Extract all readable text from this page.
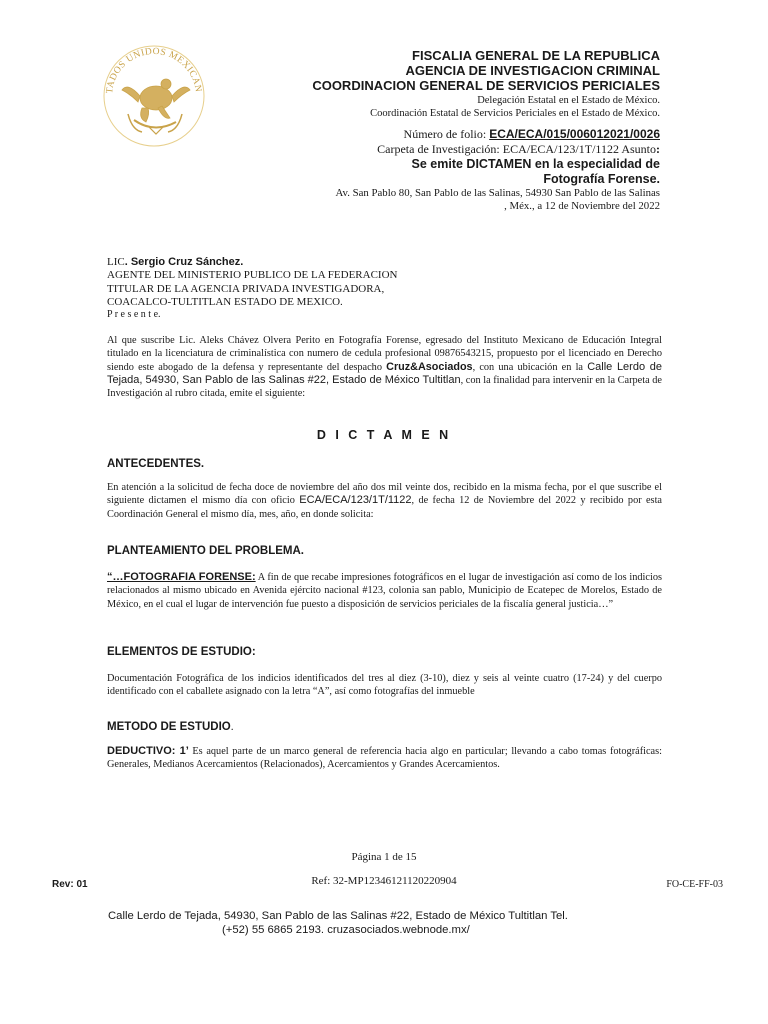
TADOS UNIDOS MEXICAN
FISCALIA GENERAL DE LA REPUBLICA
AGENCIA DE INVESTIGACION CRIMINAL
COORDINACION GENERAL DE SERVICIOS PERICIALES
Delegación Estatal en el Estado de México.
Coordinación Estatal de Servicios Periciales en el Estado de México.
Número de folio: ECA/ECA/015/006012021/0026
Carpeta de Investigación: ECA/ECA/123/1T/1122 Asunto:
Se emite DICTAMEN en la especialidad de
Fotografía Forense.
Av. San Pablo 80, San Pablo de las Salinas, 54930 San Pablo de las Salinas
, Méx., a 12 de Noviembre del 2022
LIC. Sergio Cruz Sánchez.
AGENTE DEL MINISTERIO PUBLICO DE LA FEDERACION
TITULAR DE LA AGENCIA PRIVADA INVESTIGADORA,
COACALCO-TULTITLAN ESTADO DE MEXICO.
P r e s e n t e.
Al que suscribe Lic. Aleks Chávez Olvera Perito en Fotografía Forense, egresado del Instituto Mexicano de Educación Integral titulado en la licenciatura de criminalística con numero de cedula profesional 09876543215, propuesto por el licenciado en Derecho siendo este abogado de la defensa y representante del despacho Cruz&Asociados, con una ubicación en la Calle Lerdo de Tejada, 54930, San Pablo de las Salinas #22, Estado de México Tultitlan, con la finalidad para intervenir en la Carpeta de Investigación al rubro citada, emite el siguiente:
D I C T A M E N
ANTECEDENTES.
En atención a la solicitud de fecha doce de noviembre del año dos mil veinte dos, recibido en la misma fecha, por el que suscribe el siguiente dictamen el mismo día con oficio ECA/ECA/123/1T/1122, de fecha 12 de Noviembre del 2022 y recibido por esta Coordinación General el mismo día, mes, año, en donde solicita:
PLANTEAMIENTO DEL PROBLEMA.
“…FOTOGRAFIA FORENSE: A fin de que recabe impresiones fotográficos en el lugar de investigación así como de los indicios relacionados al mismo ubicado en Avenida ejército nacional #123, colonia san pablo, Municipio de Ecatepec de Morelos, Estado de México, en el cual el lugar de intervención fue puesto a disposición de servicios periciales de la fiscalía general justicia…”
ELEMENTOS DE ESTUDIO:
Documentación Fotográfica de los indicios identificados del tres al diez (3-10), diez y seis al veinte cuatro (17-24) y del cuerpo identificado con el caballete asignado con la letra “A”, así como fotografías del inmueble
METODO DE ESTUDIO.
DEDUCTIVO: 1’ Es aquel parte de un marco general de referencia hacia algo en particular; llevando a cabo tomas fotográficas: Generales, Medianos Acercamientos (Relacionados), Acercamientos y Grandes Acercamientos.
Página 1 de 15
Rev: 01	Ref: 32-MP12346121120220904	FO-CE-FF-03
Calle Lerdo de Tejada, 54930, San Pablo de las Salinas #22, Estado de México Tultitlan Tel.
(+52) 55 6865 2193. cruzasociados.webnode.mx/
